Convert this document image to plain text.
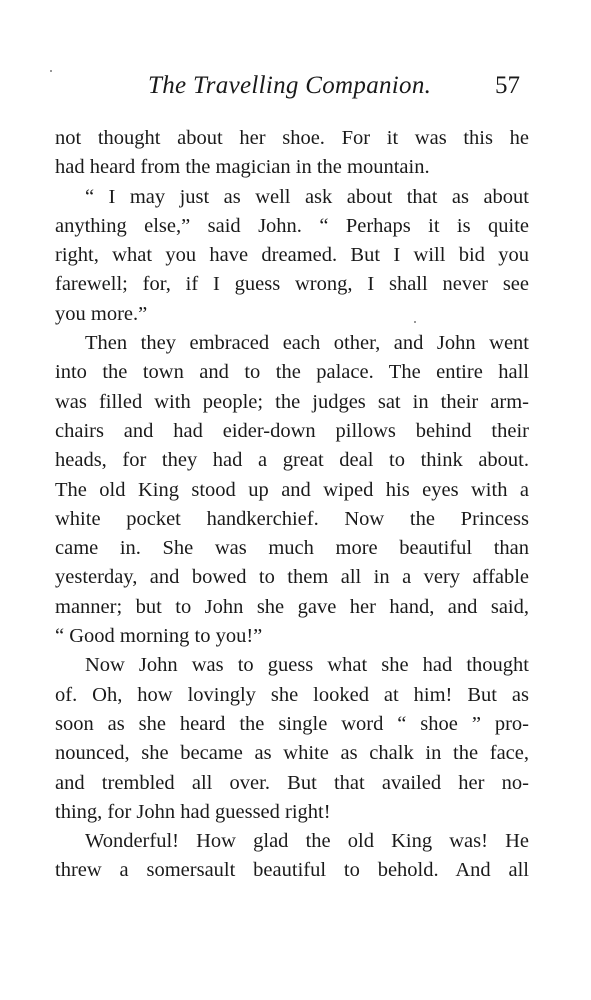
The Travelling Companion.	57
not thought about her shoe. For it was this he
had heard from the magician in the mountain.
“ I may just as well ask about that as about
anything else,” said John. “ Perhaps it is quite
right, what you have dreamed. But I will bid you
farewell; for, if I guess wrong, I shall never see
you more.”
Then they embraced each other, and John went
into the town and to the palace. The entire hall
was filled with people; the judges sat in their arm-
chairs and had eider-down pillows behind their
heads, for they had a great deal to think about.
The old King stood up and wiped his eyes with a
white pocket handkerchief. Now the Princess
came in. She was much more beautiful than
yesterday, and bowed to them all in a very affable
manner; but to John she gave her hand, and said,
“ Good morning to you!”
Now John was to guess what she had thought
of. Oh, how lovingly she looked at him! But as
soon as she heard the single word “ shoe ” pro-
nounced, she became as white as chalk in the face,
and trembled all over. But that availed her no-
thing, for John had guessed right!
Wonderful! How glad the old King was! He
threw a somersault beautiful to behold. And all
